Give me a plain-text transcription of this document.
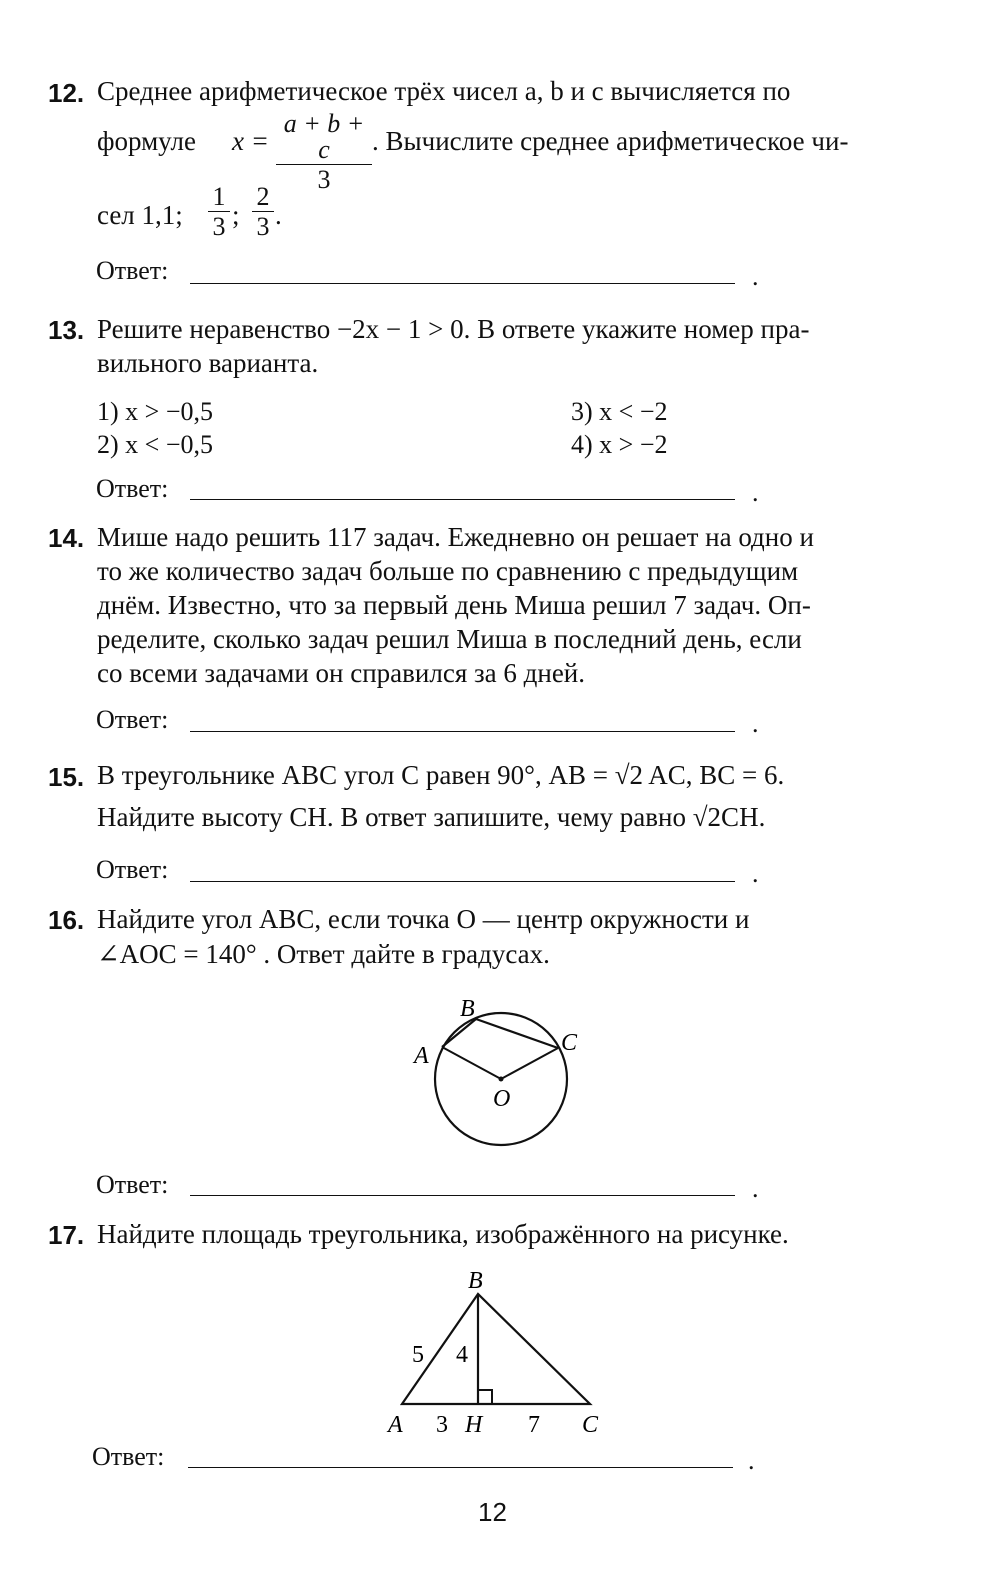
12. Среднее арифметическое трёх чисел a, b и c вычисляется по
формуле x =
a + b + c
3
. Вычислите среднее арифметическое чи-
сел 1,1;
1
3 ;
2
3 .
Ответ:	.
13. Решите неравенство −2x − 1 > 0. В ответе укажите номер пра-
вильного варианта.
1) x > −0,5
2) x < −0,5
3) x < −2
4) x > −2
Ответ:	.
14. Мише надо решить 117 задач. Ежедневно он решает на одно и
то же количество задач больше по сравнению с предыдущим
днём. Известно, что за первый день Миша решил 7 задач. Оп-
ределите, сколько задач решил Миша в последний день, если
со всеми задачами он справился за 6 дней.
Ответ:	.
15. В треугольнике ABC угол C равен 90°, AB = √2 AC, BC = 6.
Найдите высоту CH. В ответ запишите, чему равно √2CH.
Ответ:	.
16. Найдите угол ABC, если точка O — центр окружности и
∠AOC = 140° . Ответ дайте в градусах.
A
B
C
O
Ответ:	.
17. Найдите площадь треугольника, изображённого на рисунке.
B
A	H	C
5 4
3	7
Ответ:	.
12
